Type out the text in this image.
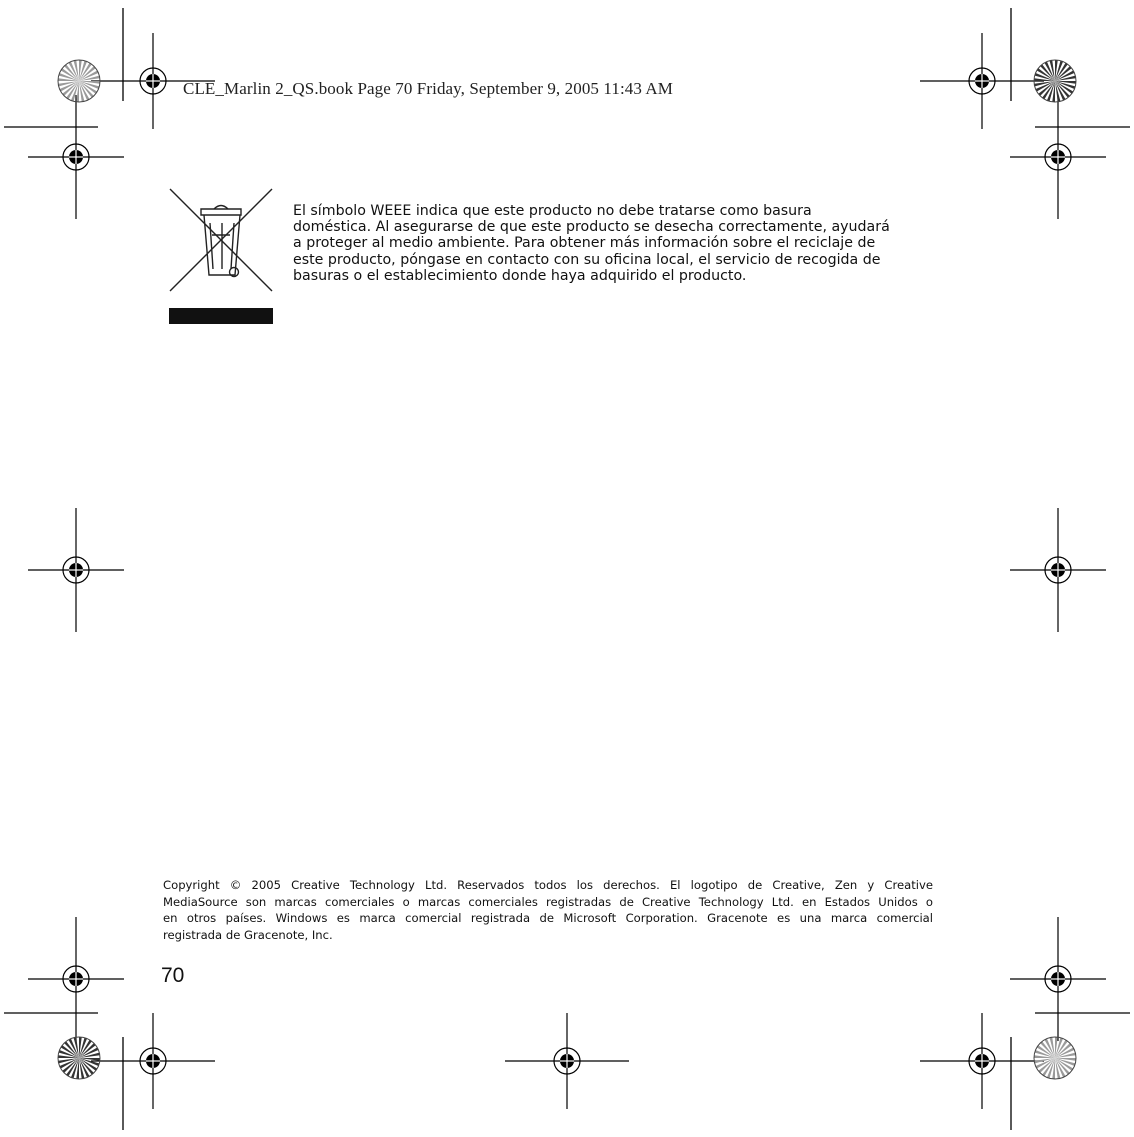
CLE_Marlin 2_QS.book Page 70 Friday, September 9, 2005 11:43 AM

El símbolo WEEE indica que este producto no debe tratarse como basura

doméstica. Al asegurarse de que este producto se desecha correctamente, ayudará

a proteger al medio ambiente. Para obtener más información sobre el reciclaje de

este producto, póngase en contacto con su oficina local, el servicio de recogida de

basuras o el establecimiento donde haya adquirido el producto.

Copyright © 2005 Creative Technology Ltd. Reservados todos los derechos. El logotipo de Creative, Zen y Creative

MediaSource son marcas comerciales o marcas comerciales registradas de Creative Technology Ltd. en Estados Unidos o

en otros países. Windows es marca comercial registrada de Microsoft Corporation. Gracenote es una marca comercial

registrada de Gracenote, Inc.

70
